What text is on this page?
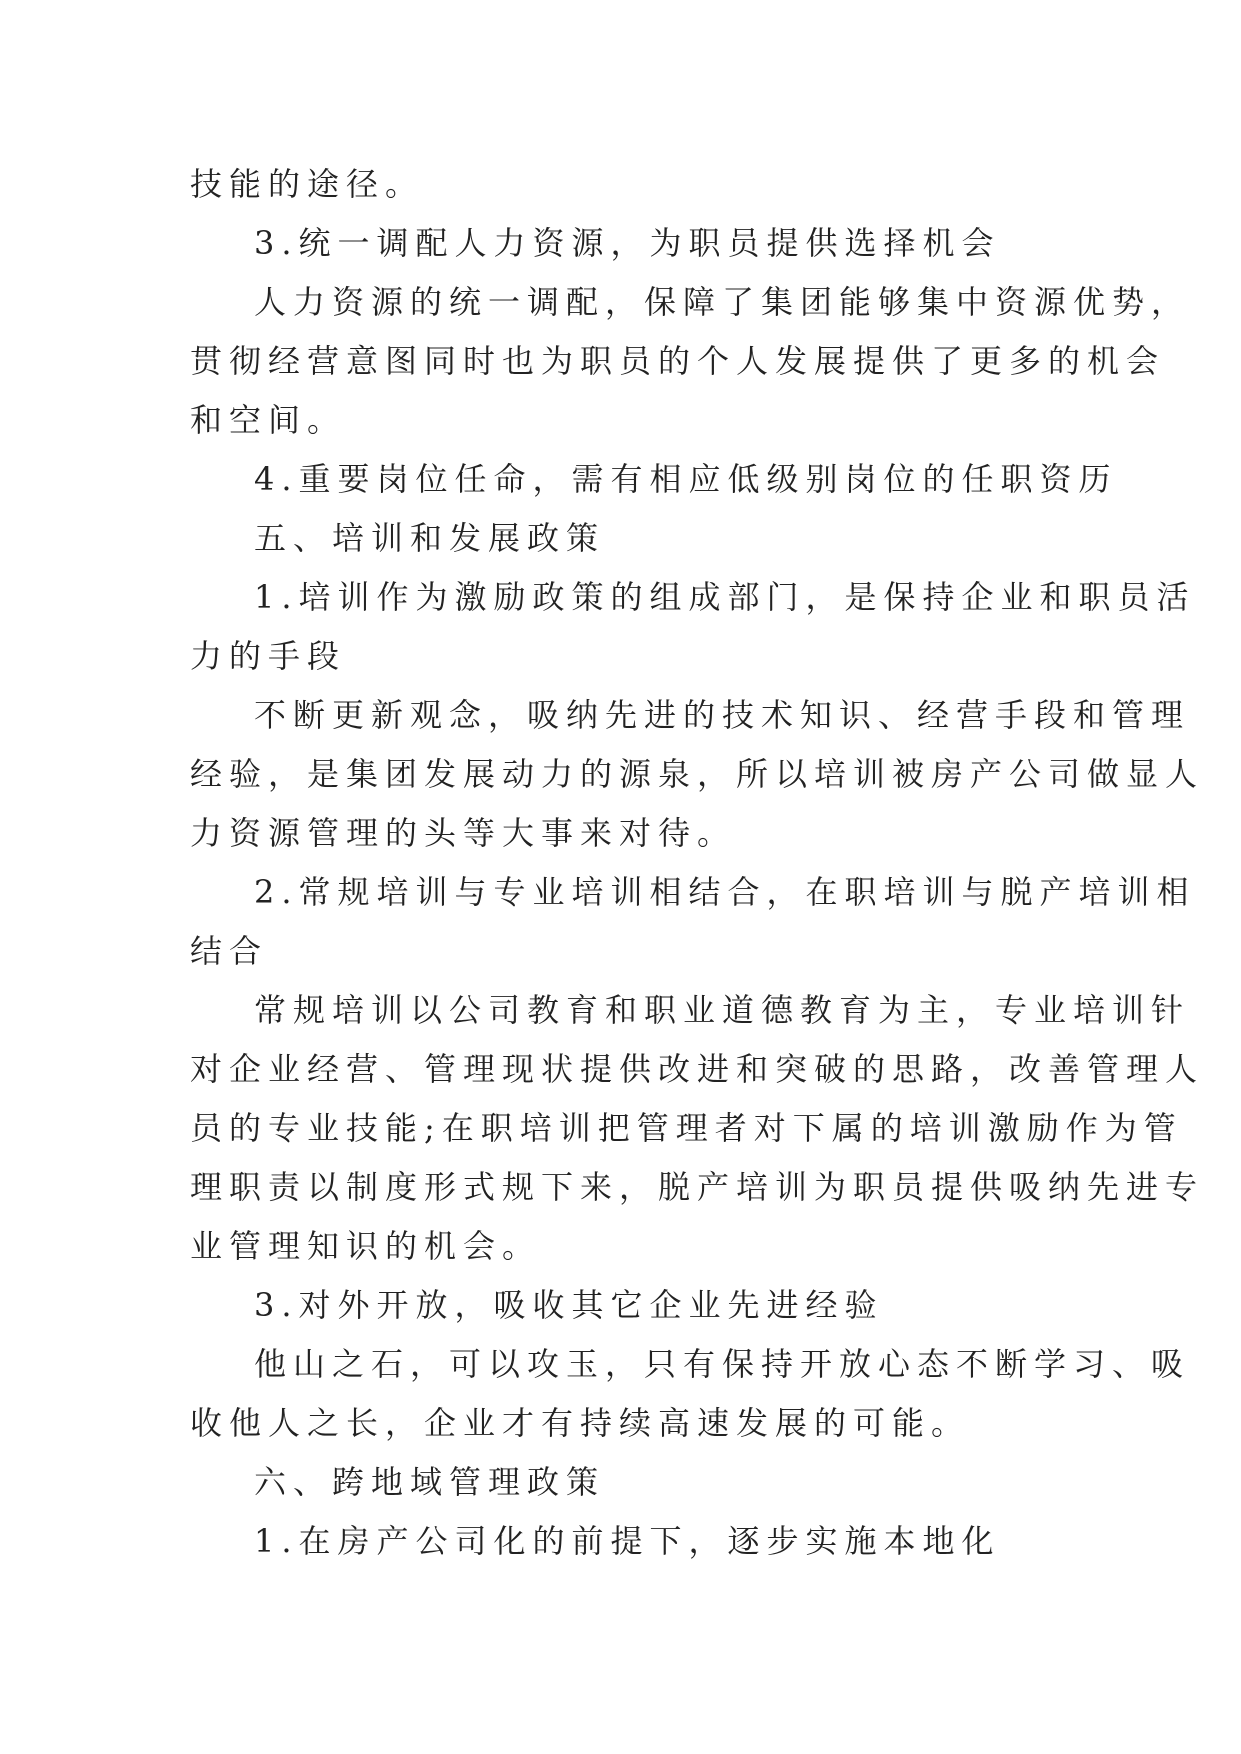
技能的途径。
3.统一调配人力资源，为职员提供选择机会
人力资源的统一调配，保障了集团能够集中资源优势，
贯彻经营意图同时也为职员的个人发展提供了更多的机会
和空间。
4.重要岗位任命，需有相应低级别岗位的任职资历
五、培训和发展政策
1.培训作为激励政策的组成部门，是保持企业和职员活
力的手段
不断更新观念，吸纳先进的技术知识、经营手段和管理
经验，是集团发展动力的源泉，所以培训被房产公司做显人
力资源管理的头等大事来对待。
2.常规培训与专业培训相结合，在职培训与脱产培训相
结合
常规培训以公司教育和职业道德教育为主，专业培训针
对企业经营、管理现状提供改进和突破的思路，改善管理人
员的专业技能;在职培训把管理者对下属的培训激励作为管
理职责以制度形式规下来，脱产培训为职员提供吸纳先进专
业管理知识的机会。
3.对外开放，吸收其它企业先进经验
他山之石，可以攻玉，只有保持开放心态不断学习、吸
收他人之长，企业才有持续高速发展的可能。
六、跨地域管理政策
1.在房产公司化的前提下，逐步实施本地化
